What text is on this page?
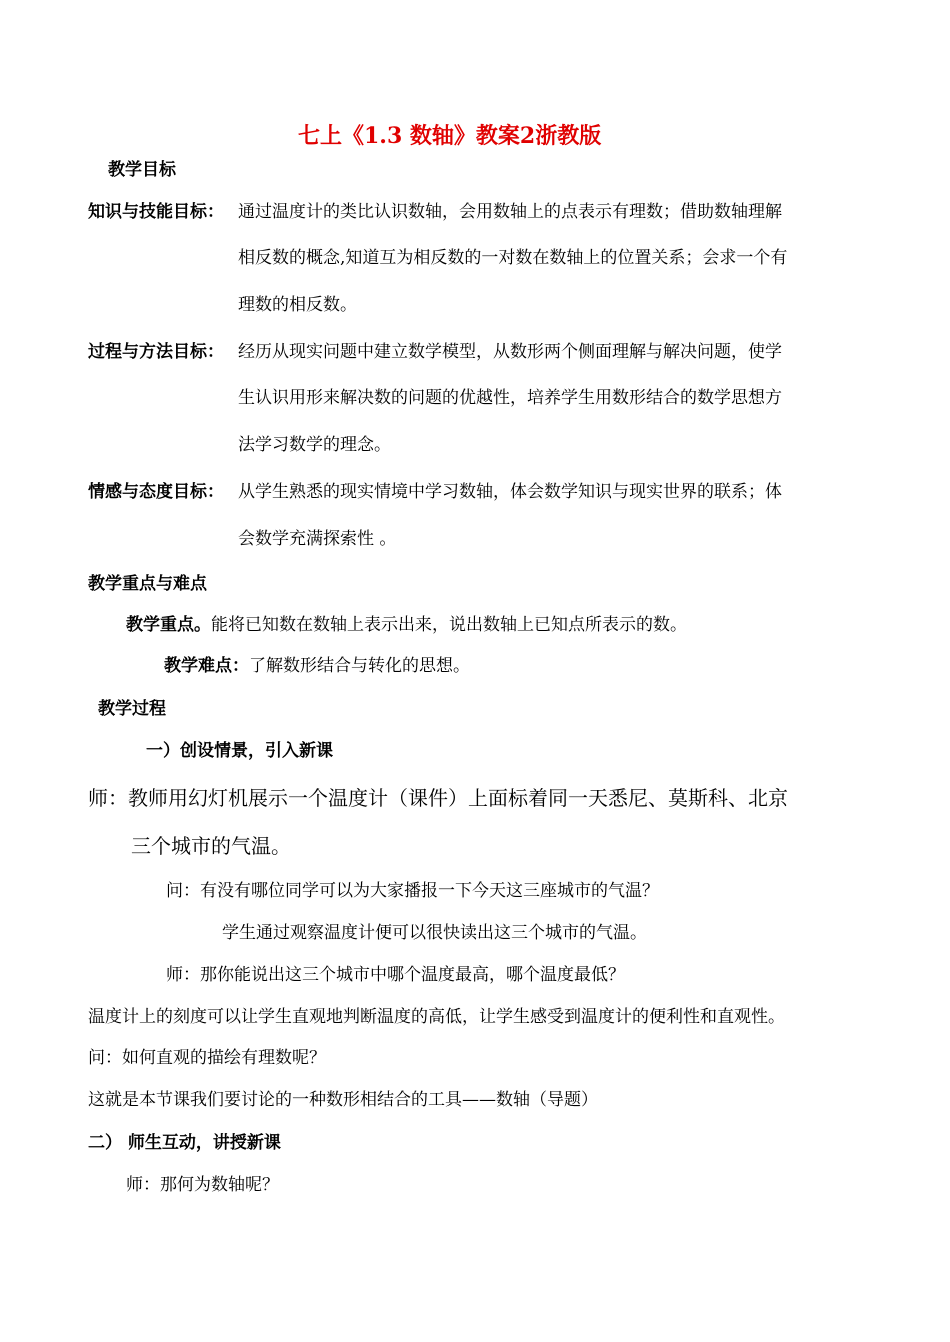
七上《1.3 数轴》教案2浙教版
教学目标
知识与技能目标： 通过温度计的类比认识数轴，会用数轴上的点表示有理数；借助数轴理解
相反数的概念,知道互为相反数的一对数在数轴上的位置关系；会求一个有
理数的相反数。
过程与方法目标： 经历从现实问题中建立数学模型，从数形两个侧面理解与解决问题，使学
生认识用形来解决数的问题的优越性，培养学生用数形结合的数学思想方
法学习数学的理念。
情感与态度目标： 从学生熟悉的现实情境中学习数轴，体会数学知识与现实世界的联系；体
会数学充满探索性 。
教学重点与难点
教学重点。能将已知数在数轴上表示出来，说出数轴上已知点所表示的数。
教学难点：了解数形结合与转化的思想。
教学过程
一）创设情景，引入新课
师：教师用幻灯机展示一个温度计（课件）上面标着同一天悉尼、莫斯科、北京
三个城市的气温。
问：有没有哪位同学可以为大家播报一下今天这三座城市的气温？
学生通过观察温度计便可以很快读出这三个城市的气温。
师：那你能说出这三个城市中哪个温度最高，哪个温度最低？
温度计上的刻度可以让学生直观地判断温度的高低，让学生感受到温度计的便利性和直观性。
问：如何直观的描绘有理数呢？
这就是本节课我们要讨论的一种数形相结合的工具——数轴（导题）
二） 师生互动，讲授新课
师：那何为数轴呢？
